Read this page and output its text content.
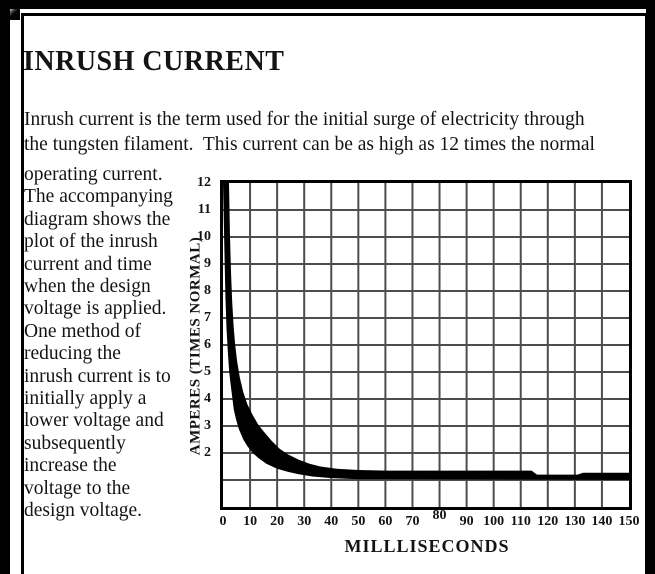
INRUSH CURRENT
Inrush current is the term used for the initial surge of electricity through
the tungsten filament.  This current can be as high as 12 times the normal
operating current.
The accompanying
diagram shows the
plot of the inrush
current and time
when the design
voltage is applied.
One method of
reducing the
inrush current is to
initially apply a
lower voltage and
subsequently
increase the
voltage to the
design voltage.
2
3
4
5
6
7
8
9
10
11
12
0 10 20 30 40 50 60 70 80 90 100 110 120 130 140 150
AMPERES (TIMES NORMAL)
MILLLISECONDS
